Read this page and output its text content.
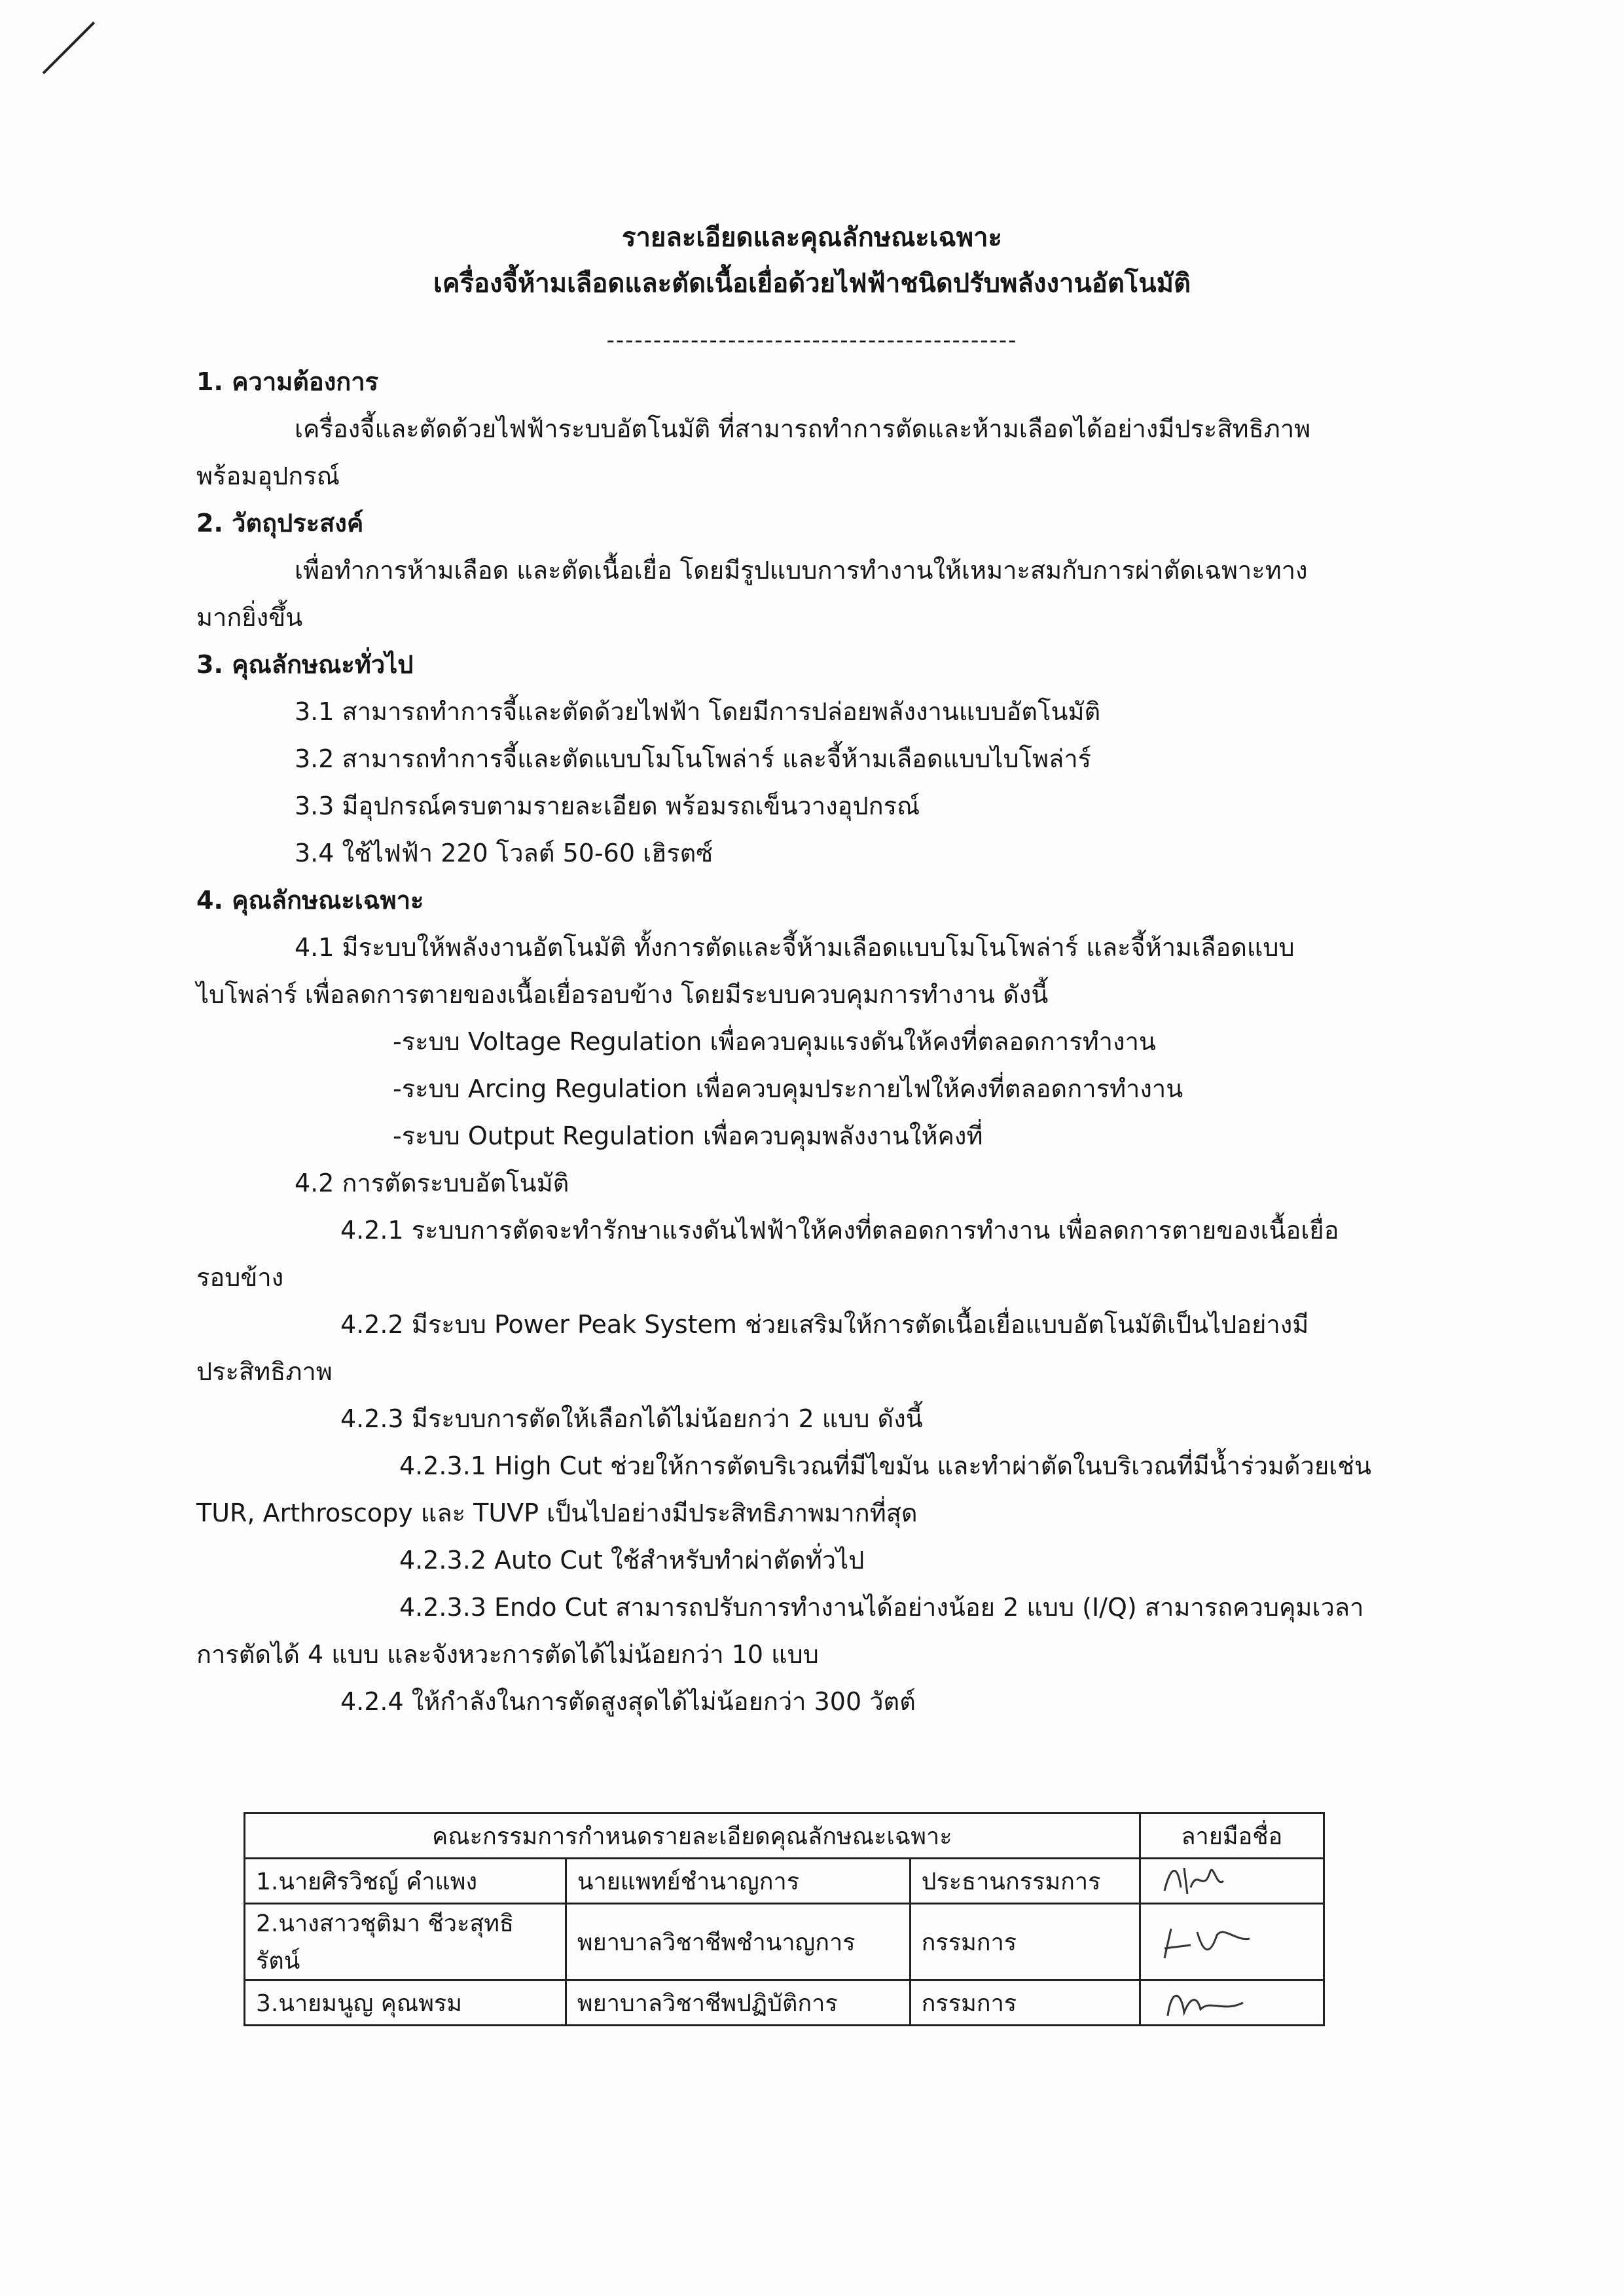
รายละเอียดและคุณลักษณะเฉพาะ
เครื่องจี้ห้ามเลือดและตัดเนื้อเยื่อด้วยไฟฟ้าชนิดปรับพลังงานอัตโนมัติ
--------------------------------------------
1. ความต้องการ
เครื่องจี้และตัดด้วยไฟฟ้าระบบอัตโนมัติ ที่สามารถทำการตัดและห้ามเลือดได้อย่างมีประสิทธิภาพ
พร้อมอุปกรณ์
2. วัตถุประสงค์
เพื่อทำการห้ามเลือด และตัดเนื้อเยื่อ โดยมีรูปแบบการทำงานให้เหมาะสมกับการผ่าตัดเฉพาะทาง
มากยิ่งขึ้น
3. คุณลักษณะทั่วไป
3.1 สามารถทำการจี้และตัดด้วยไฟฟ้า โดยมีการปล่อยพลังงานแบบอัตโนมัติ
3.2 สามารถทำการจี้และตัดแบบโมโนโพล่าร์ และจี้ห้ามเลือดแบบไบโพล่าร์
3.3 มีอุปกรณ์ครบตามรายละเอียด พร้อมรถเข็นวางอุปกรณ์
3.4 ใช้ไฟฟ้า 220 โวลต์ 50-60 เฮิรตซ์
4. คุณลักษณะเฉพาะ
4.1 มีระบบให้พลังงานอัตโนมัติ ทั้งการตัดและจี้ห้ามเลือดแบบโมโนโพล่าร์ และจี้ห้ามเลือดแบบ
ไบโพล่าร์ เพื่อลดการตายของเนื้อเยื่อรอบข้าง โดยมีระบบควบคุมการทำงาน ดังนี้
-ระบบ Voltage Regulation เพื่อควบคุมแรงดันให้คงที่ตลอดการทำงาน
-ระบบ Arcing Regulation เพื่อควบคุมประกายไฟให้คงที่ตลอดการทำงาน
-ระบบ Output Regulation เพื่อควบคุมพลังงานให้คงที่
4.2 การตัดระบบอัตโนมัติ
4.2.1 ระบบการตัดจะทำรักษาแรงดันไฟฟ้าให้คงที่ตลอดการทำงาน เพื่อลดการตายของเนื้อเยื่อ
รอบข้าง
4.2.2 มีระบบ Power Peak System ช่วยเสริมให้การตัดเนื้อเยื่อแบบอัตโนมัติเป็นไปอย่างมี
ประสิทธิภาพ
4.2.3 มีระบบการตัดให้เลือกได้ไม่น้อยกว่า 2 แบบ ดังนี้
4.2.3.1 High Cut ช่วยให้การตัดบริเวณที่มีไขมัน และทำผ่าตัดในบริเวณที่มีน้ำร่วมด้วยเช่น
TUR, Arthroscopy และ TUVP เป็นไปอย่างมีประสิทธิภาพมากที่สุด
4.2.3.2 Auto Cut ใช้สำหรับทำผ่าตัดทั่วไป
4.2.3.3 Endo Cut สามารถปรับการทำงานได้อย่างน้อย 2 แบบ (I/Q) สามารถควบคุมเวลา
การตัดได้ 4 แบบ และจังหวะการตัดได้ไม่น้อยกว่า 10 แบบ
4.2.4 ให้กำลังในการตัดสูงสุดได้ไม่น้อยกว่า 300 วัตต์
คณะกรรมการกำหนดรายละเอียดคุณลักษณะเฉพาะ			ลายมือชื่อ
1.นายศิรวิชญ์ คำแพง	นายแพทย์ชำนาญการ	ประธานกรรมการ	

2.นางสาวชุติมา ชีวะสุทธิรัตน์	พยาบาลวิชาชีพชำนาญการ	กรรมการ	

3.นายมนูญ คุณพรม	พยาบาลวิชาชีพปฏิบัติการ	กรรมการ	
